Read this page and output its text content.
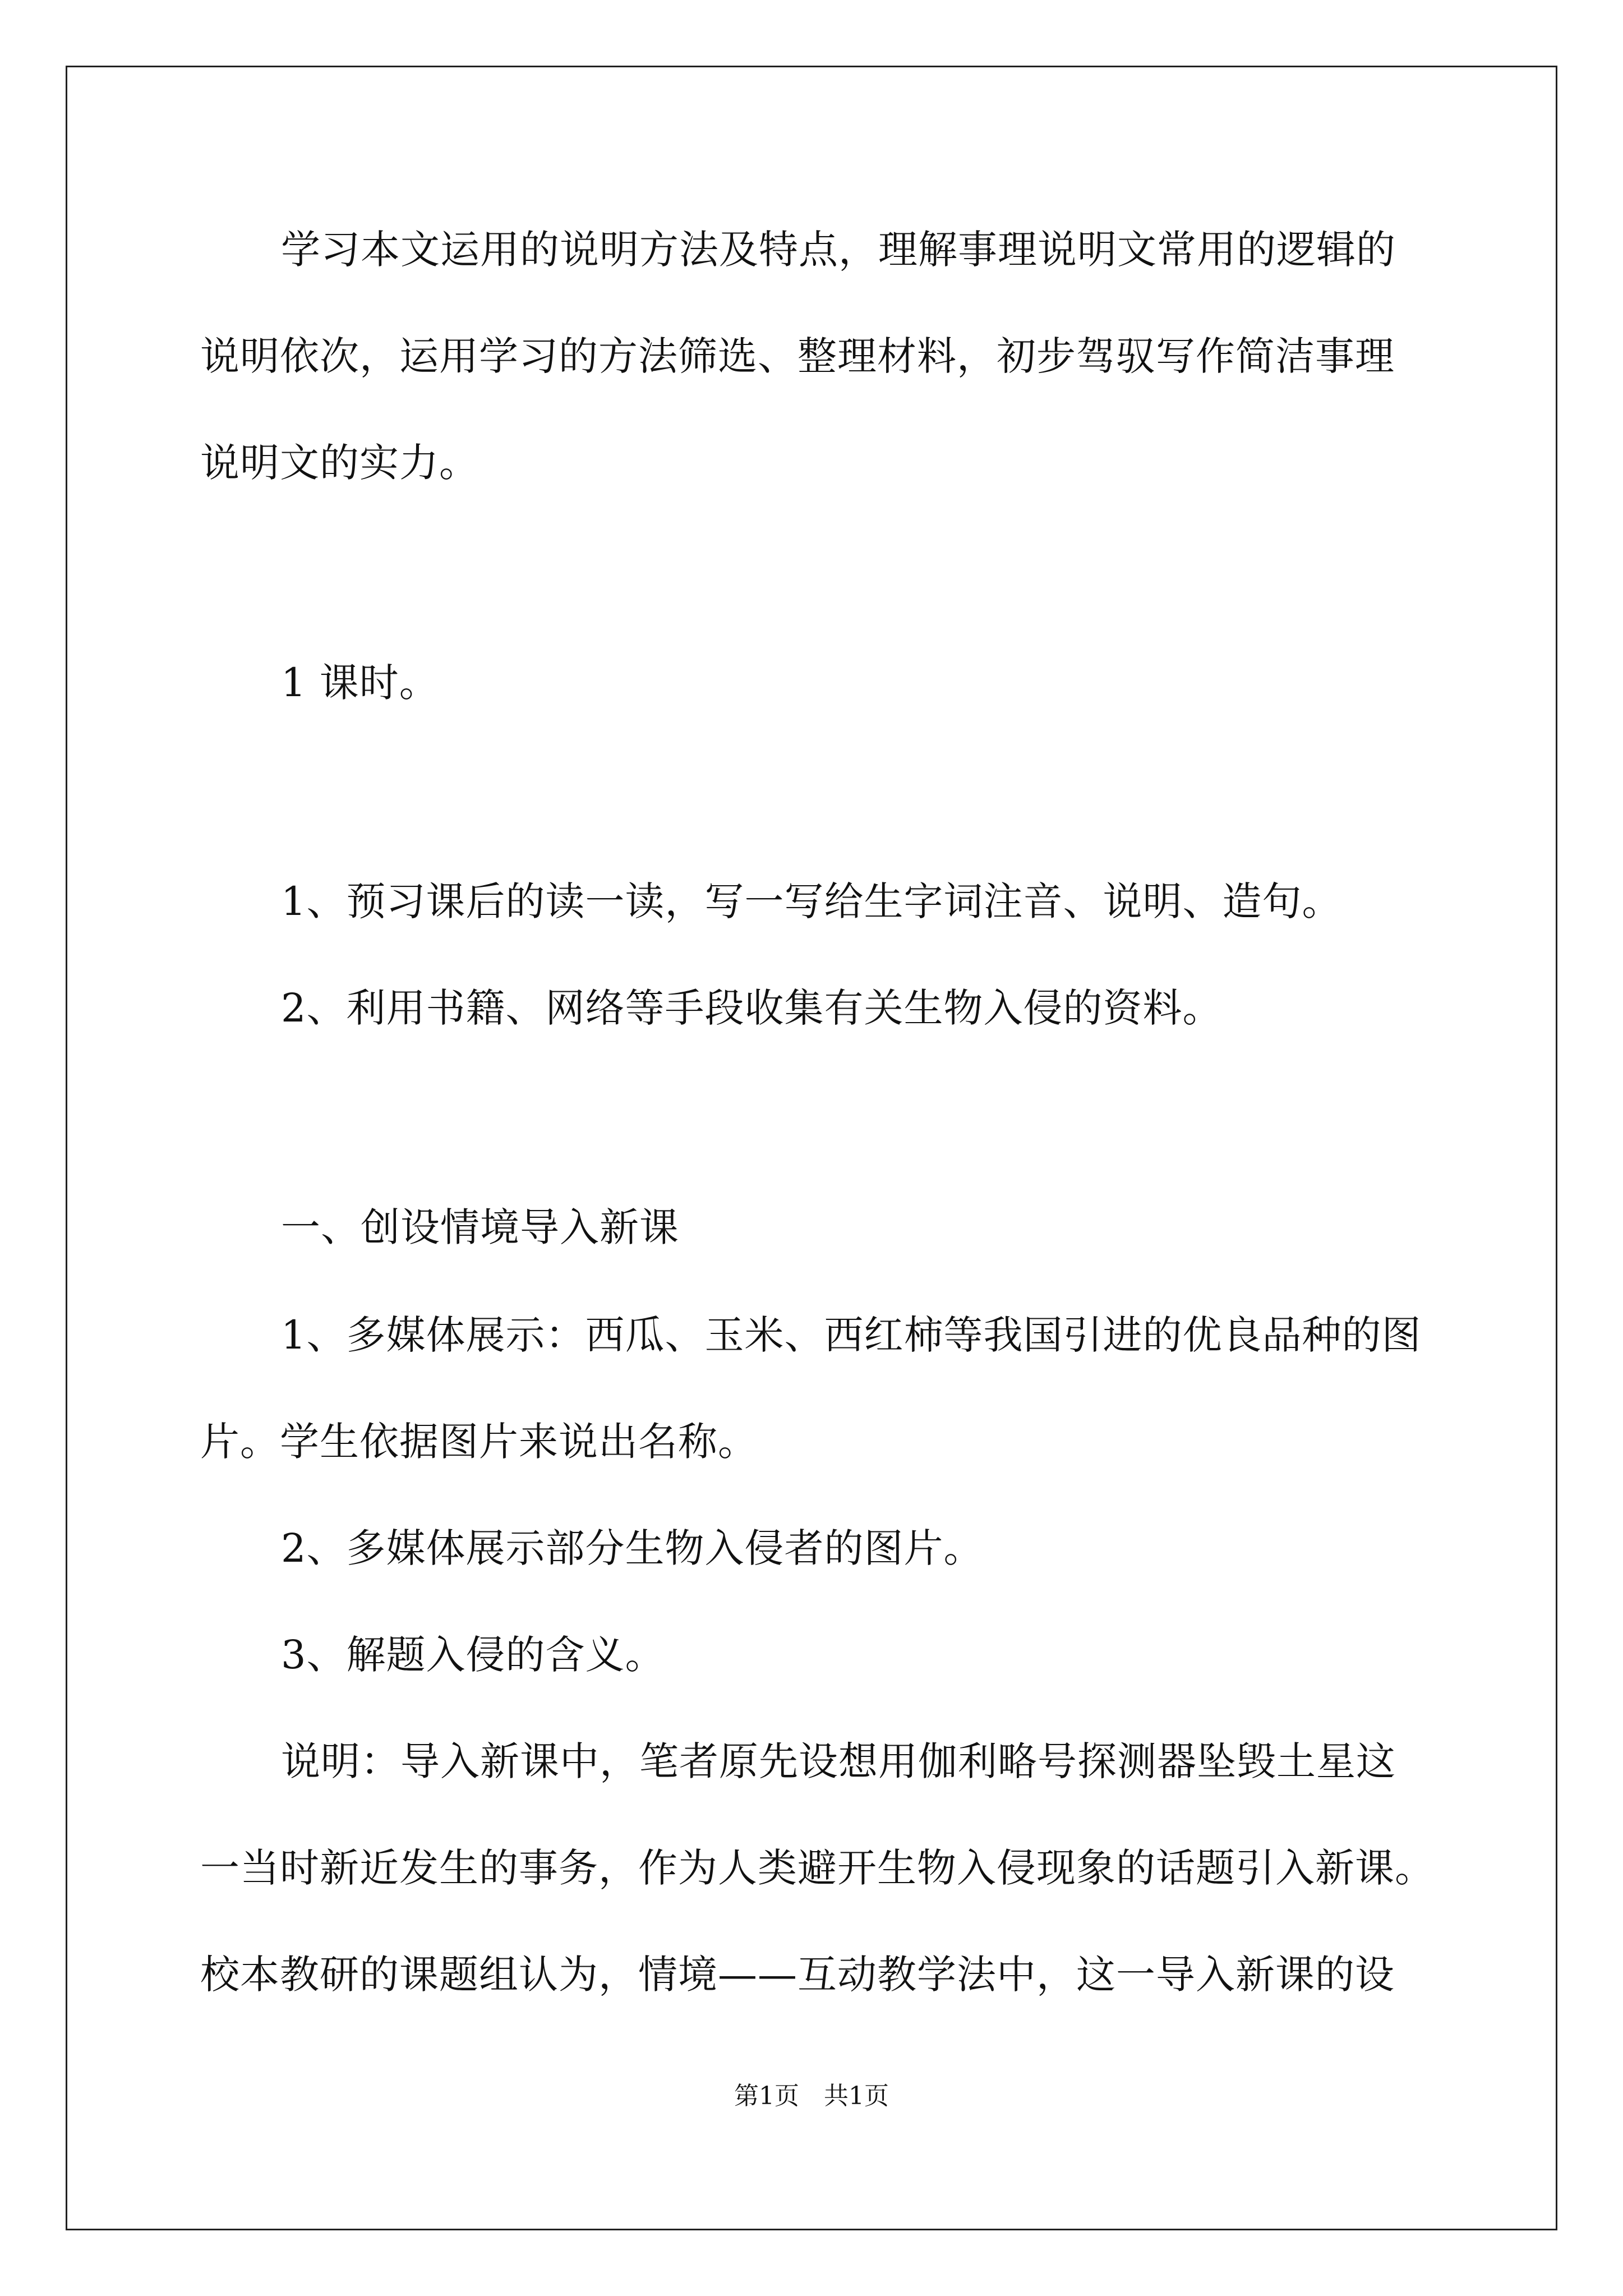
学习本文运用的说明方法及特点，理解事理说明文常用的逻辑的
说明依次，运用学习的方法筛选、整理材料，初步驾驭写作简洁事理
说明文的实力。
1 课时。
1、预习课后的读一读，写一写给生字词注音、说明、造句。
2、利用书籍、网络等手段收集有关生物入侵的资料。
一、创设情境导入新课
1、多媒体展示：西瓜、玉米、西红柿等我国引进的优良品种的图
片。学生依据图片来说出名称。
2、多媒体展示部分生物入侵者的图片。
3、解题入侵的含义。
说明：导入新课中，笔者原先设想用伽利略号探测器坠毁土星这
一当时新近发生的事务，作为人类避开生物入侵现象的话题引入新课。
校本教研的课题组认为，情境——互动教学法中，这一导入新课的设
第1页　共1页
